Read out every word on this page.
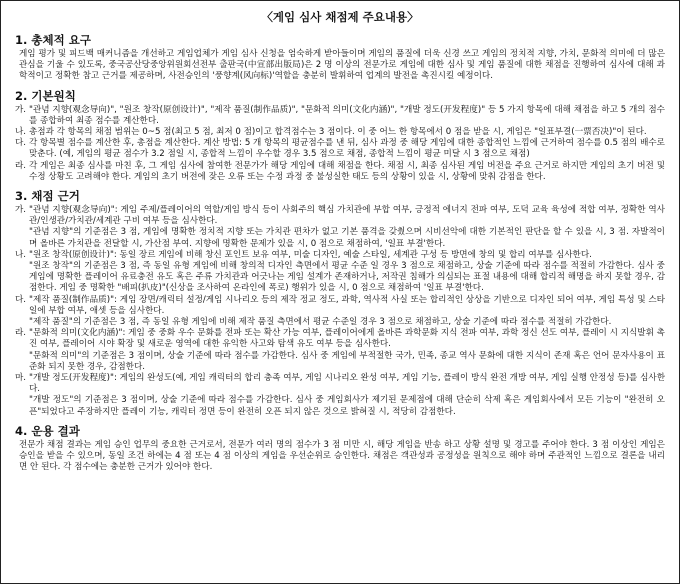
〈게임 심사 채점제 주요내용〉
1. 총체적 요구
게임 평가 및 피드백 매커니즘을 개선하고 게임업체가 게임 심사 신청을 엄숙하게 받아들이며 게임의 품질에 더욱 신경 쓰고 게임의 정치적 지향, 가치, 문화적 의미에 더 많은 관심을 기울 수 있도록, 중국공산당중앙위원회선전부 출판국(中宣部出版局)은 2 명 이상의 전문가로 게임에 대한 심사 및 게임 품질에 대한 채점을 진행하여 심사에 대해 과학적이고 정확한 참고 근거를 제공하며, 사전승인의 '풍향계(风向标)'역할을 충분히 발휘하여 업계의 발전을 촉진시킬 예정이다.
2. 기본원칙
가. "관념 지향(观念导向)", "원조 창작(原创设计)", "제작 품질(制作品质)", "문화적 의미(文化内涵)", "개발 정도(开发程度)" 등 5 가지 항목에 대해 채점을 하고 5 개의 점수를 종합하여 최종 점수를 계산한다.
나. 총점과 각 항목의 채점 범위는 0~5 점(최고 5 점, 최저 0 점)이고 합격점수는 3 점이다. 이 중 어느 한 항목에서 0 점을 받을 시, 게임은 "일표부결(一票否决)"이 된다.
다. 각 항목별 점수를 계산한 후, 총점을 계산한다. 계산 방법: 5 개 항목의 평균점수를 낸 뒤, 심사 과정 중 해당 게임에 대한 종합적인 느낌에 근거하여 점수를 0.5 점의 배수로 맞춘다. (예, 게임의 평균 점수가 3.2 점일 시, 종합적 느낌이 우수할 경우 3.5 점으로 채점, 종합적 느낌이 평균 미달 시 3 점으로 채점)
라. 각 게임은 최종 심사를 마친 후, 그 게임 심사에 참여한 전문가가 해당 게임에 대해 채점을 한다. 채점 시, 최종 심사된 게임 버전을 주요 근거로 하지만 게임의 초기 버전 및 수정 상황도 고려해야 한다. 게임의 초기 버전에 잦은 오류 또는 수정 과정 중 불성실한 태도 등의 상황이 있을 시, 상황에 맞춰 감점을 한다.
3. 채점 근거
가. "관념 지향(观念导向)": 게임 주제/플레이어의 역할/게임 방식 등이 사회주의 핵심 가치관에 부합 여부, 긍정적 에너지 전파 여부, 도덕 교육 육성에 적합 여부, 정확한 역사관/인생관/가치관/세계관 구비 여부 등을 심사한다.
"관념 지향"의 기준점은 3 점, 게임에 명확한 정치적 지향 또는 가치관 편차가 없고 기본 품격을 갖췄으며 시비선악에 대한 기본적인 판단을 할 수 있을 시, 3 점. 자발적이며 올바른 가치관을 전달할 시, 가산점 부여. 지향에 명확한 문제가 있을 시, 0 점으로 채점하여, '일표 부결'한다.
나. "원조 창작(原创设计)": 동일 장르 게임에 비해 창신 포인트 보유 여부, 미술 디자인, 예술 스타일, 세계관 구성 등 방면에 창의 및 합리 여부를 심사한다.
"원조 창작"의 기준점은 3 점, 즉 동일 유형 게임에 비해 창의적 디자인 측면에서 평균 수준 일 경우 3 점으로 채점하고, 상술 기준에 따라 점수를 적절히 가감한다. 심사 중 게임에 명확한 플레이어 유료충전 유도 혹은 주류 가치관과 어긋나는 게임 설계가 존재하거나, 저작권 침해가 의심되는 표절 내용에 대해 합리적 해명을 하지 못할 경우, 감점한다. 게임 중 명확한 "배피(扒皮)"(신상을 조사하여 온라인에 폭로) 행위가 있을 시, 0 점으로 채점하여 '일표 부결'한다.
다. "제작 품질(制作品质)": 게임 장면/캐릭터 설정/게임 시나리오 등의 제작 정교 정도, 과학, 역사적 사실 또는 합리적인 상상을 기반으로 디자인 되어 여부, 게임 특성 및 스타일에 부합 여부, 애셋 등을 심사한다.
"제작 품질"의 기준점은 3 점, 즉 동일 유형 게임에 비해 제작 품질 측면에서 평균 수준일 경우 3 점으로 채점하고, 상술 기준에 따라 점수를 적절히 가감한다.
라. "문화적 의미(文化内涵)": 게임 중 중화 우수 문화를 전파 또는 확산 가능 여부, 플레이어에게 올바른 과학문화 지식 전파 여부, 과학 정신 선도 여부, 플레이 시 지식발휘 촉진 여부, 플레이어 시야 확장 및 새로운 영역에 대한 유익한 사고와 탐색 유도 여부 등을 심사한다.
"문화적 의미"의 기준점은 3 점이며, 상술 기준에 따라 점수를 가감한다. 심사 중 게임에 부적절한 국가, 민족, 종교 역사 문화에 대한 지식이 존재 혹은 언어 문자사용이 표준화 되지 못한 경우, 감점한다.
마. "개발 정도(开发程度)": 게임의 완성도(예, 게임 캐릭터의 합리 충족 여부, 게임 시나리오 완성 여부, 게임 기능, 플레이 방식 완전 개방 여부, 게임 실행 안정성 등)를 심사한다.
"개발 정도"의 기준점은 3 점이며, 상술 기준에 따라 점수를 가감한다. 심사 중 게임회사가 제기된 문제점에 대해 단순히 삭제 혹은 게임회사에서 모든 기능이 "완전히 오픈"되었다고 주장하지만 플레이 기능, 캐릭터 정면 등이 완전히 오픈 되지 않은 것으로 밝혀질 시, 적당히 감점한다.
4. 운용 결과
전문가 채점 결과는 게임 승인 업무의 중요한 근거로서, 전문가 여러 명의 점수가 3 점 미만 시, 해당 게임을 반송 하고 상황 설명 및 경고를 주어야 한다. 3 점 이상인 게임은 승인을 받을 수 있으며, 동일 조건 하에는 4 점 또는 4 점 이상의 게임을 우선순위로 승인한다. 채점은 객관성과 공정성을 원칙으로 해야 하며 주관적인 느낌으로 결론을 내리면 안 된다. 각 점수에는 충분한 근거가 있어야 한다.
